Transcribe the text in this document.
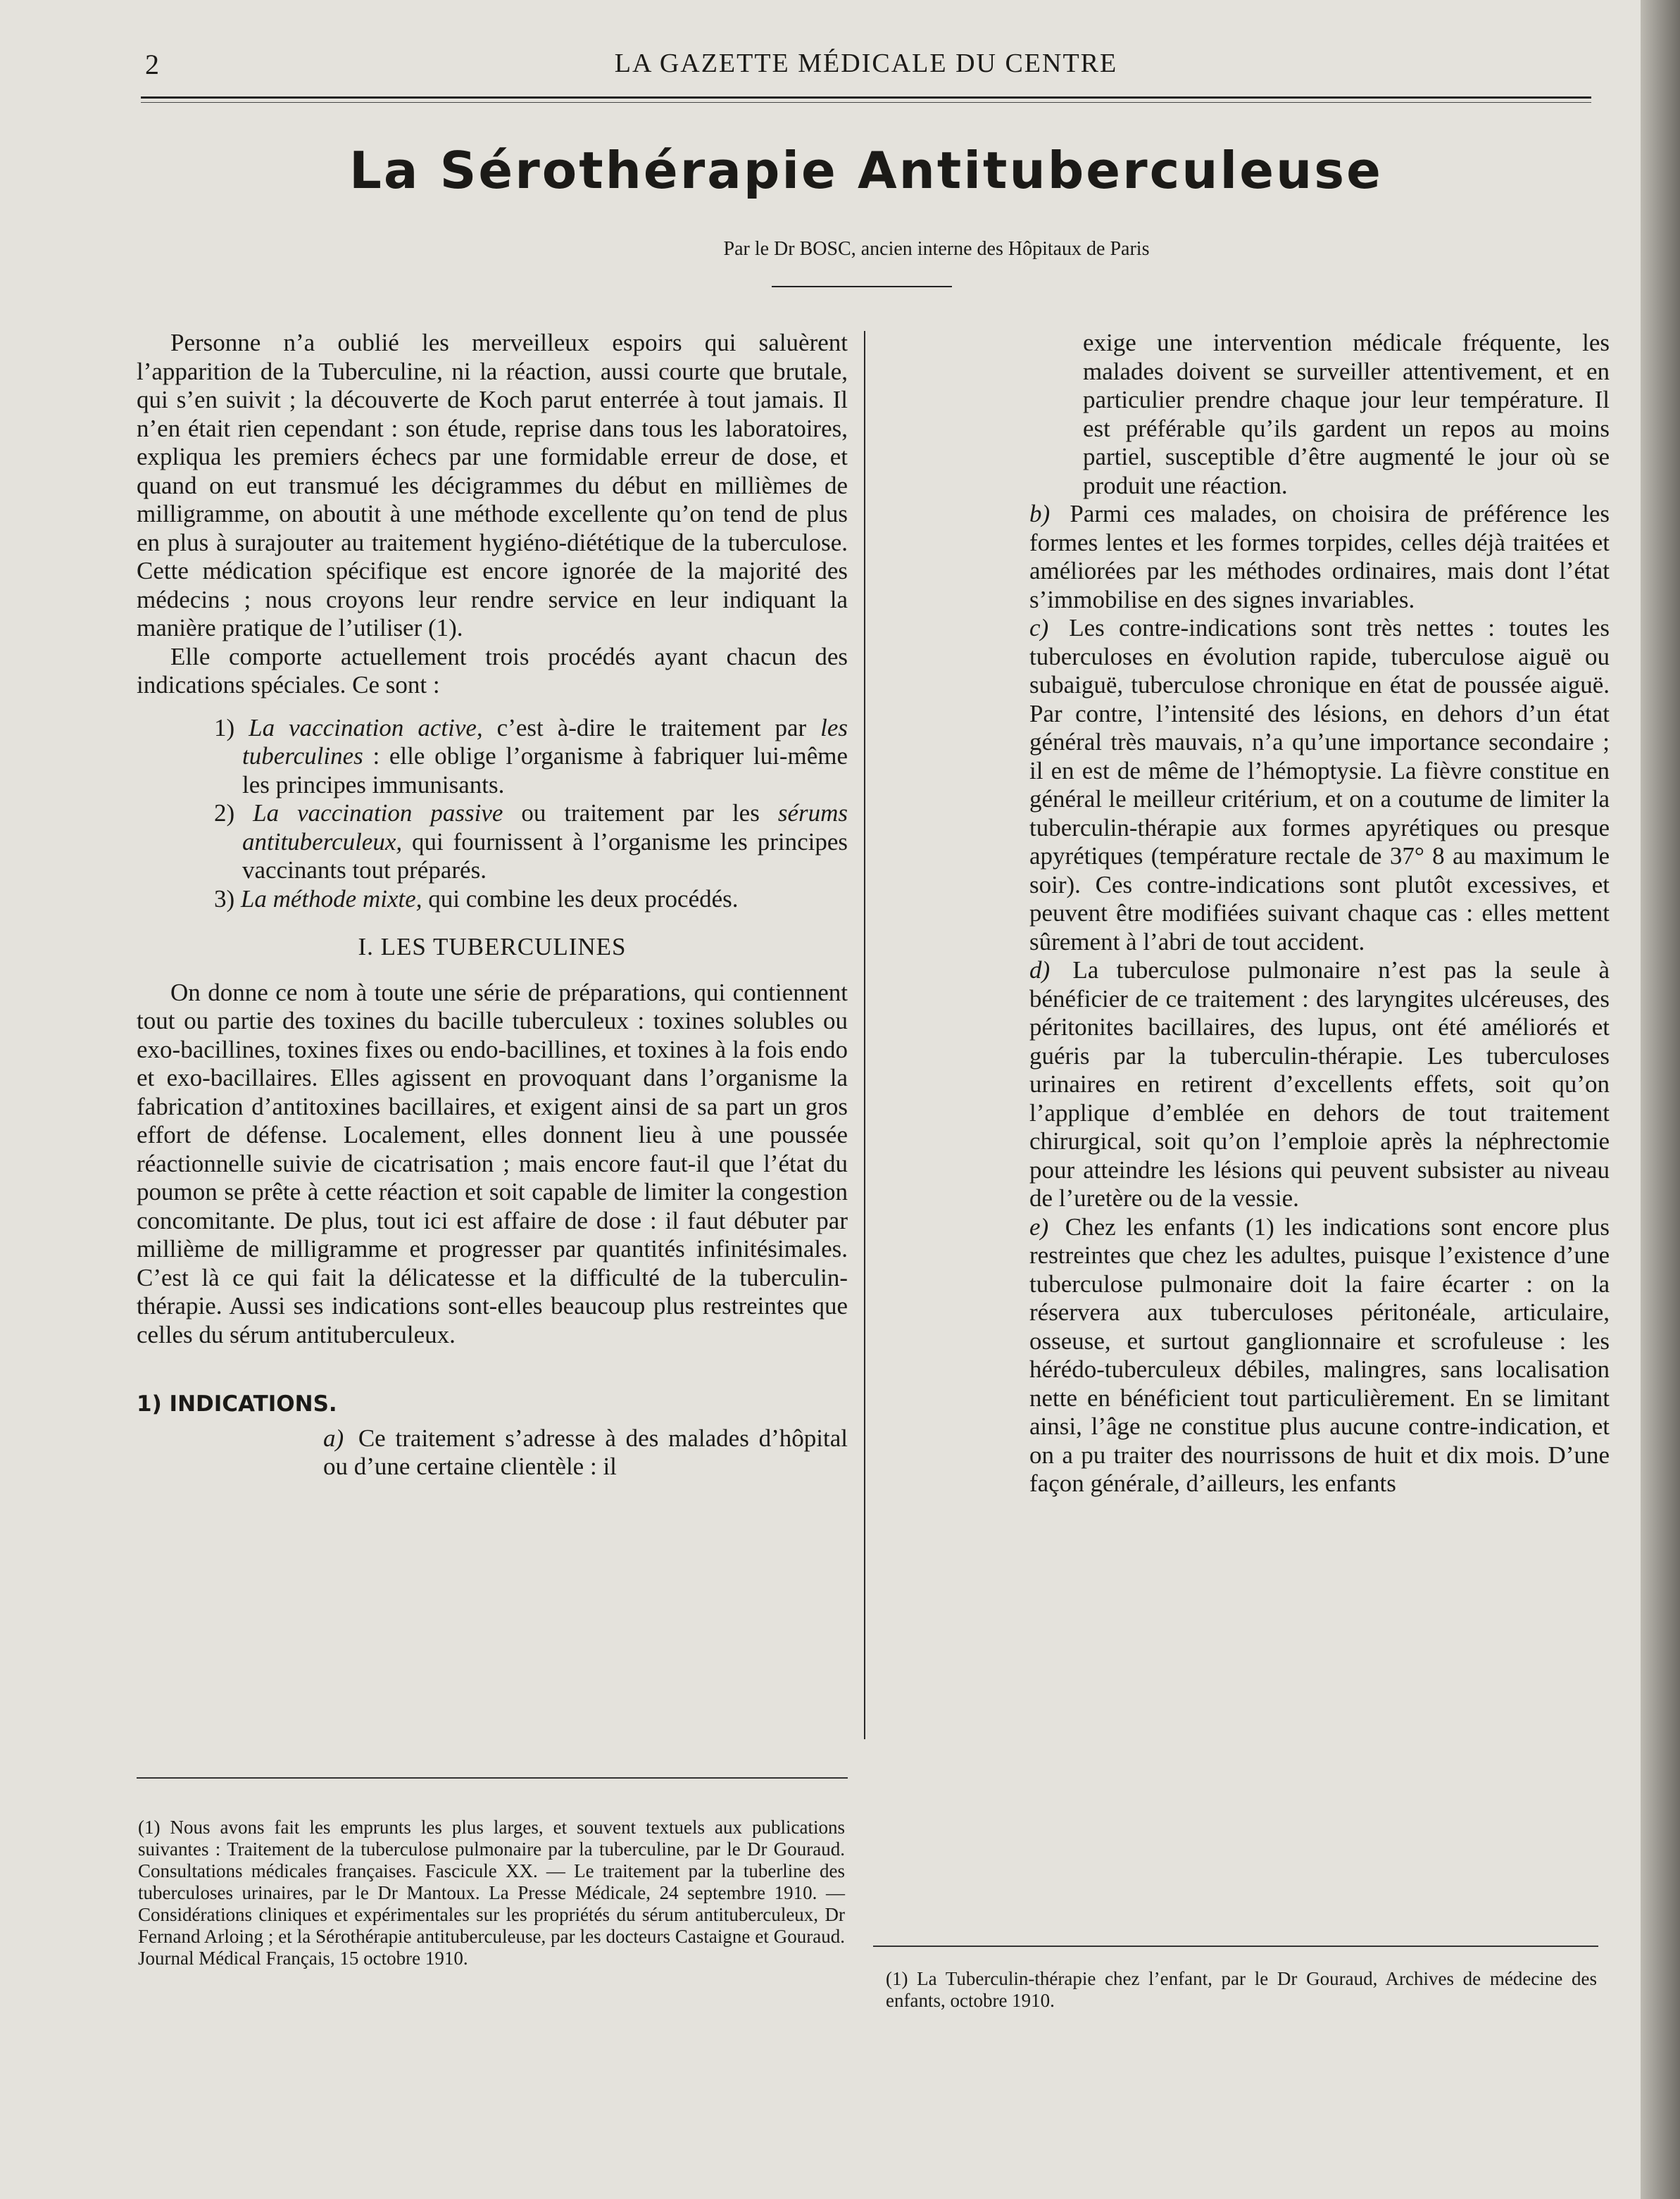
2	LA GAZETTE MÉDICALE DU CENTRE
La Sérothérapie Antituberculeuse
Par le Dr BOSC, ancien interne des Hôpitaux de Paris

Personne n’a oublié les merveilleux espoirs qui saluèrent l’apparition de la Tuberculine, ni la réaction, aussi courte que brutale, qui s’en suivit ; la découverte de Koch parut enterrée à tout jamais. Il n’en était rien cependant : son étude, reprise dans tous les laboratoires, expliqua les premiers échecs par une formidable erreur de dose, et quand on eut transmué les décigrammes du début en millièmes de milligramme, on aboutit à une méthode excellente qu’on tend de plus en plus à surajouter au traitement hygiéno-diététique de la tuberculose. Cette médication spécifique est encore ignorée de la majorité des médecins ; nous croyons leur rendre service en leur indiquant la manière pratique de l’utiliser (1).

Elle comporte actuellement trois procédés ayant chacun des indications spéciales. Ce sont :

1) La vaccination active, c’est à-dire le traitement par les tuberculines : elle oblige l’organisme à fabriquer lui-même les principes immunisants.

2) La vaccination passive ou traitement par les sérums antituberculeux, qui fournissent à l’organisme les principes vaccinants tout préparés.

3) La méthode mixte, qui combine les deux procédés.

I. LES TUBERCULINES

On donne ce nom à toute une série de préparations, qui contiennent tout ou partie des toxines du bacille tuberculeux : toxines solubles ou exo-bacillines, toxines fixes ou endo-bacillines, et toxines à la fois endo et exo-bacillaires. Elles agissent en provoquant dans l’organisme la fabrication d’antitoxines bacillaires, et exigent ainsi de sa part un gros effort de défense. Localement, elles donnent lieu à une poussée réactionnelle suivie de cicatrisation ; mais encore faut-il que l’état du poumon se prête à cette réaction et soit capable de limiter la congestion concomitante. De plus, tout ici est affaire de dose : il faut débuter par millième de milligramme et progresser par quantités infinitésimales. C’est là ce qui fait la délicatesse et la difficulté de la tuberculin-thérapie. Aussi ses indications sont-elles beaucoup plus restreintes que celles du sérum antituberculeux.

1) INDICATIONS.

a) Ce traitement s’adresse à des malades d’hôpital ou d’une certaine clientèle : il

exige une intervention médicale fréquente, les malades doivent se surveiller attentivement, et en particulier prendre chaque jour leur température. Il est préférable qu’ils gardent un repos au moins partiel, susceptible d’être augmenté le jour où se produit une réaction.

b) Parmi ces malades, on choisira de préférence les formes lentes et les formes torpides, celles déjà traitées et améliorées par les méthodes ordinaires, mais dont l’état s’immobilise en des signes invariables.

c) Les contre-indications sont très nettes : toutes les tuberculoses en évolution rapide, tuberculose aiguë ou subaiguë, tuberculose chronique en état de poussée aiguë. Par contre, l’intensité des lésions, en dehors d’un état général très mauvais, n’a qu’une importance secondaire ; il en est de même de l’hémoptysie. La fièvre constitue en général le meilleur critérium, et on a coutume de limiter la tuberculin-thérapie aux formes apyrétiques ou presque apyrétiques (température rectale de 37° 8 au maximum le soir). Ces contre-indications sont plutôt excessives, et peuvent être modifiées suivant chaque cas : elles mettent sûrement à l’abri de tout accident.

d) La tuberculose pulmonaire n’est pas la seule à bénéficier de ce traitement : des laryngites ulcéreuses, des péritonites bacillaires, des lupus, ont été améliorés et guéris par la tuberculin-thérapie. Les tuberculoses urinaires en retirent d’excellents effets, soit qu’on l’applique d’emblée en dehors de tout traitement chirurgical, soit qu’on l’emploie après la néphrectomie pour atteindre les lésions qui peuvent subsister au niveau de l’uretère ou de la vessie.

e) Chez les enfants (1) les indications sont encore plus restreintes que chez les adultes, puisque l’existence d’une tuberculose pulmonaire doit la faire écarter : on la réservera aux tuberculoses péritonéale, articulaire, osseuse, et surtout ganglionnaire et scrofuleuse : les hérédo-tuberculeux débiles, malingres, sans localisation nette en bénéficient tout particulièrement. En se limitant ainsi, l’âge ne constitue plus aucune contre-indication, et on a pu traiter des nourrissons de huit et dix mois. D’une façon générale, d’ailleurs, les enfants

(1) Nous avons fait les emprunts les plus larges, et souvent textuels aux publications suivantes : Traitement de la tuberculose pulmonaire par la tuberculine, par le Dr Gouraud. Consultations médicales françaises. Fascicule XX. — Le traitement par la tuberline des tuberculoses urinaires, par le Dr Mantoux. La Presse Médicale, 24 septembre 1910. — Considérations cliniques et expérimentales sur les propriétés du sérum antituberculeux, Dr Fernand Arloing ; et la Sérothérapie antituberculeuse, par les docteurs Castaigne et Gouraud. Journal Médical Français, 15 octobre 1910.
(1) La Tuberculin-thérapie chez l’enfant, par le Dr Gouraud, Archives de médecine des enfants, octobre 1910.
